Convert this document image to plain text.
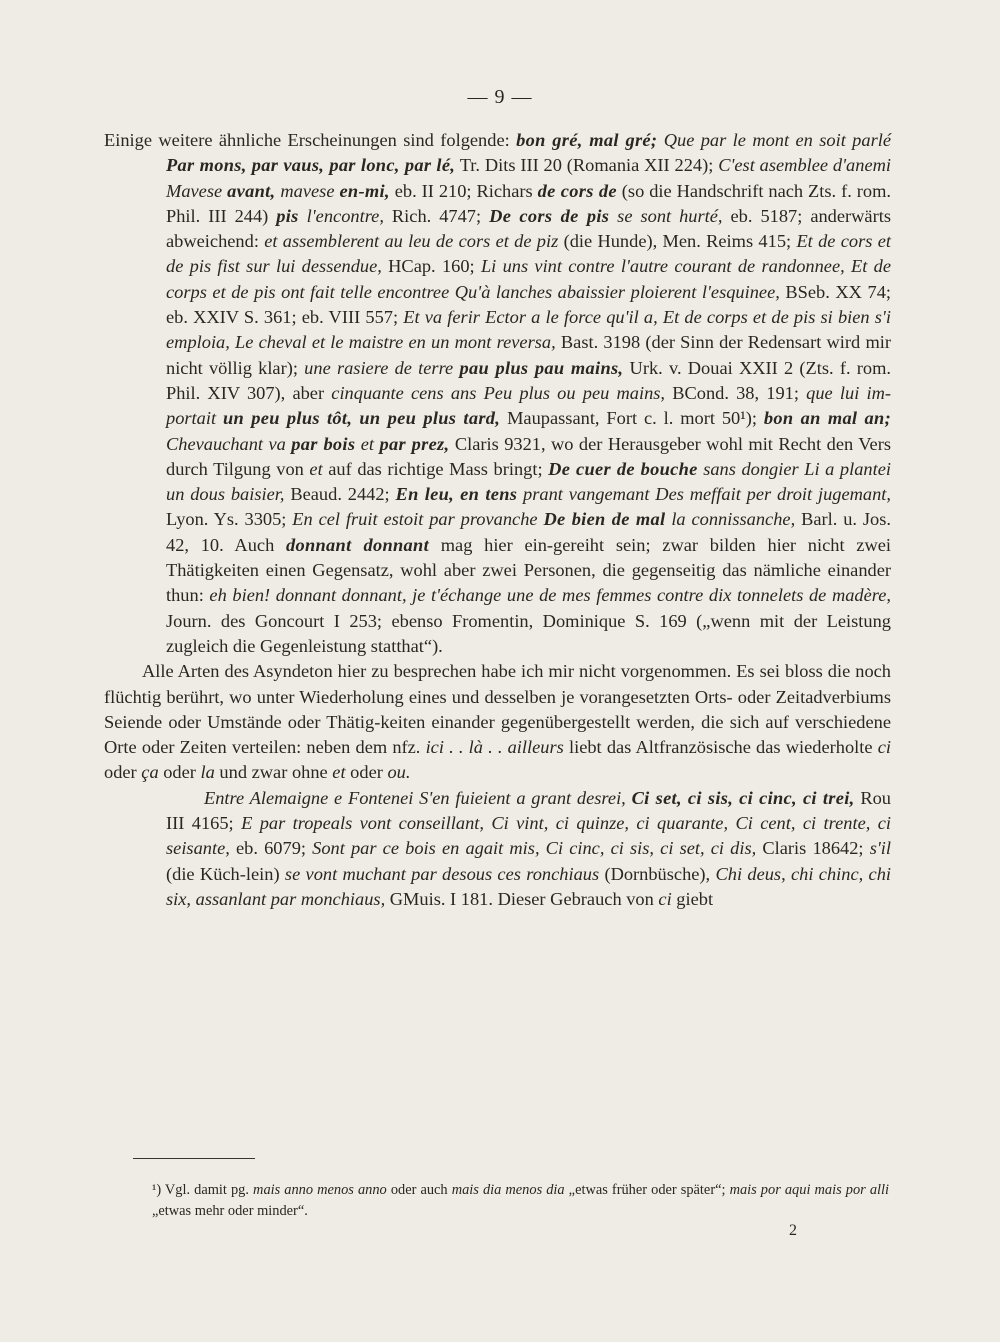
— 9 —

Einige weitere ähnliche Erscheinungen sind folgende: bon gré, mal gré; Que par le mont en soit parlé Par mons, par vaus, par lonc, par lé, Tr. Dits III 20 (Romania XII 224); C'est asemblee d'anemi Mavese avant, mavese en-mi, eb. II 210; Richars de cors de (so die Handschrift nach Zts. f. rom. Phil. III 244) pis l'encontre, Rich. 4747; De cors de pis se sont hurté, eb. 5187; anderwärts abweichend: et assemblerent au leu de cors et de piz (die Hunde), Men. Reims 415; Et de cors et de pis fist sur lui dessendue, HCap. 160; Li uns vint contre l'autre courant de randonnee, Et de corps et de pis ont fait telle encontree Qu'à lanches abaissier ploierent l'esquinee, BSeb. XX 74; eb. XXIV S. 361; eb. VIII 557; Et va ferir Ector a le force qu'il a, Et de corps et de pis si bien s'i emploia, Le cheval et le maistre en un mont reversa, Bast. 3198 (der Sinn der Redensart wird mir nicht völlig klar); une rasiere de terre pau plus pau mains, Urk. v. Douai XXII 2 (Zts. f. rom. Phil. XIV 307), aber cinquante cens ans Peu plus ou peu mains, BCond. 38, 191; que lui im-portait un peu plus tôt, un peu plus tard, Maupassant, Fort c. l. mort 50¹); bon an mal an; Chevauchant va par bois et par prez, Claris 9321, wo der Herausgeber wohl mit Recht den Vers durch Tilgung von et auf das richtige Mass bringt; De cuer de bouche sans dongier Li a plantei un dous baisier, Beaud. 2442; En leu, en tens prant vangemant Des meffait per droit jugemant, Lyon. Ys. 3305; En cel fruit estoit par provanche De bien de mal la connissanche, Barl. u. Jos. 42, 10. Auch donnant donnant mag hier ein-gereiht sein; zwar bilden hier nicht zwei Thätigkeiten einen Gegensatz, wohl aber zwei Personen, die gegenseitig das nämliche einander thun: eh bien! donnant donnant, je t'échange une de mes femmes contre dix tonnelets de madère, Journ. des Goncourt I 253; ebenso Fromentin, Dominique S. 169 („wenn mit der Leistung zugleich die Gegenleistung statthat“).

Alle Arten des Asyndeton hier zu besprechen habe ich mir nicht vorgenommen. Es sei bloss die noch flüchtig berührt, wo unter Wiederholung eines und desselben je vorangesetzten Orts- oder Zeitadverbiums Seiende oder Umstände oder Thätig-keiten einander gegenübergestellt werden, die sich auf verschiedene Orte oder Zeiten verteilen: neben dem nfz. ici . . là . . ailleurs liebt das Altfranzösische das wiederholte ci oder ça oder la und zwar ohne et oder ou.

Entre Alemaigne e Fontenei S'en fuieient a grant desrei, Ci set, ci sis, ci cinc, ci trei, Rou III 4165; E par tropeals vont conseillant, Ci vint, ci quinze, ci quarante, Ci cent, ci trente, ci seisante, eb. 6079; Sont par ce bois en agait mis, Ci cinc, ci sis, ci set, ci dis, Claris 18642; s'il (die Küch-lein) se vont muchant par desous ces ronchiaus (Dornbüsche), Chi deus, chi chinc, chi six, assanlant par monchiaus, GMuis. I 181. Dieser Gebrauch von ci giebt

¹) Vgl. damit pg. mais anno menos anno oder auch mais dia menos dia „etwas früher oder später“; mais por aqui mais por alli „etwas mehr oder minder“.
2
